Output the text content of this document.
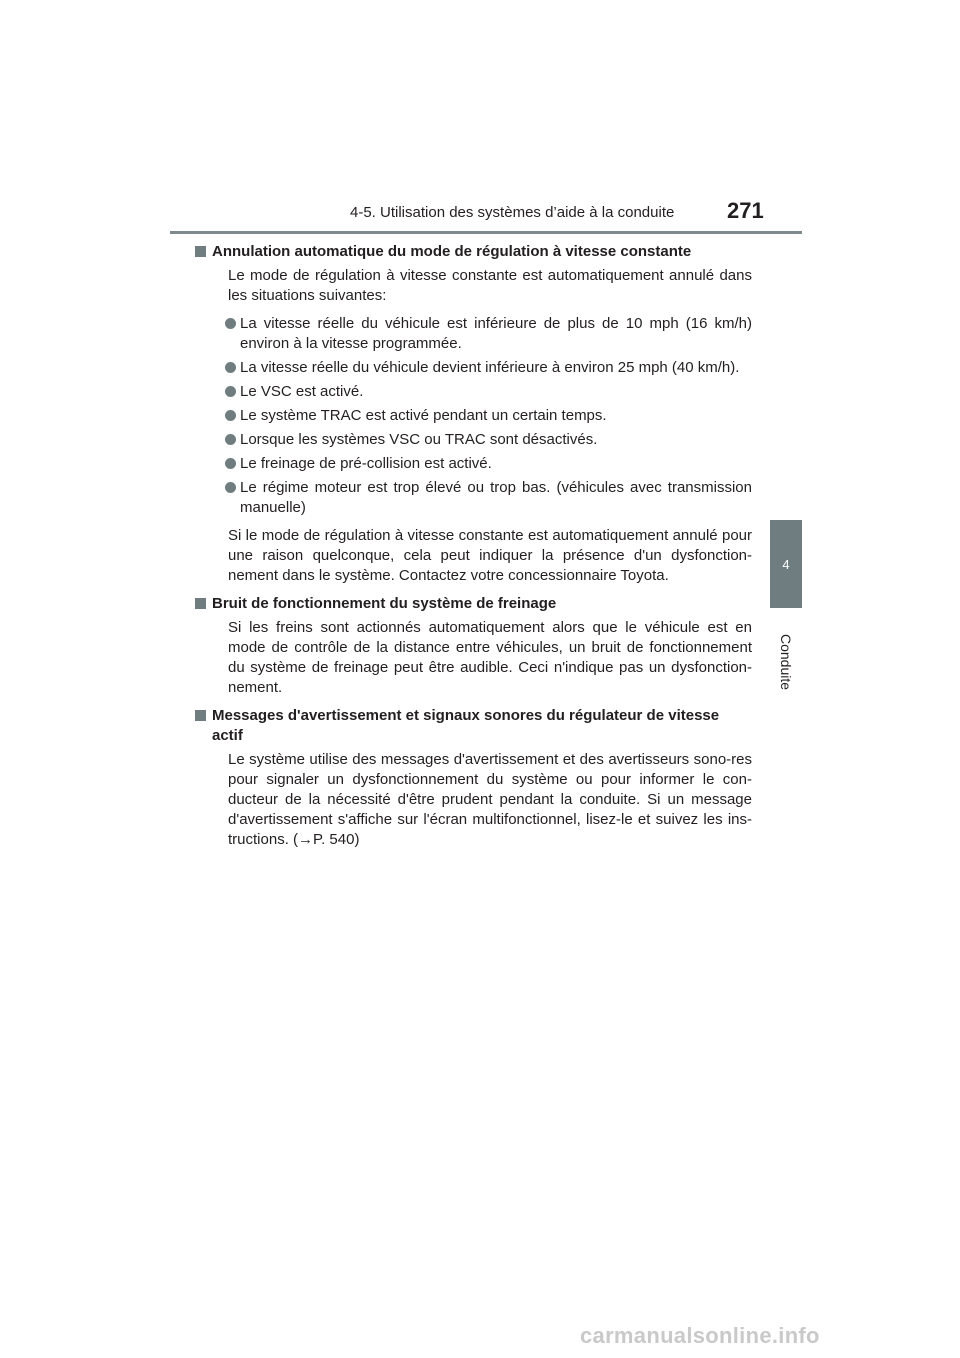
4-5. Utilisation des systèmes d’aide à la conduite 271
4
Conduite
Annulation automatique du mode de régulation à vitesse constante
Le mode de régulation à vitesse constante est automatiquement annulé dans les situations suivantes:
La vitesse réelle du véhicule est inférieure de plus de 10 mph (16 km/h) environ à la vitesse programmée.
La vitesse réelle du véhicule devient inférieure à environ 25 mph (40 km/h).
Le VSC est activé.
Le système TRAC est activé pendant un certain temps.
Lorsque les systèmes VSC ou TRAC sont désactivés.
Le freinage de pré-collision est activé.
Le régime moteur est trop élevé ou trop bas. (véhicules avec transmission manuelle)
Si le mode de régulation à vitesse constante est automatiquement annulé pour une raison quelconque, cela peut indiquer la présence d'un dysfonction-nement dans le système. Contactez votre concessionnaire Toyota.
Bruit de fonctionnement du système de freinage
Si les freins sont actionnés automatiquement alors que le véhicule est en mode de contrôle de la distance entre véhicules, un bruit de fonctionnement du système de freinage peut être audible. Ceci n'indique pas un dysfonction-nement.
Messages d'avertissement et signaux sonores du régulateur de vitesse actif
Le système utilise des messages d'avertissement et des avertisseurs sono-res pour signaler un dysfonctionnement du système ou pour informer le con-ducteur de la nécessité d'être prudent pendant la conduite. Si un message d'avertissement s'affiche sur l'écran multifonctionnel, lisez-le et suivez les ins-tructions. (→P. 540)
carmanualsonline.info
